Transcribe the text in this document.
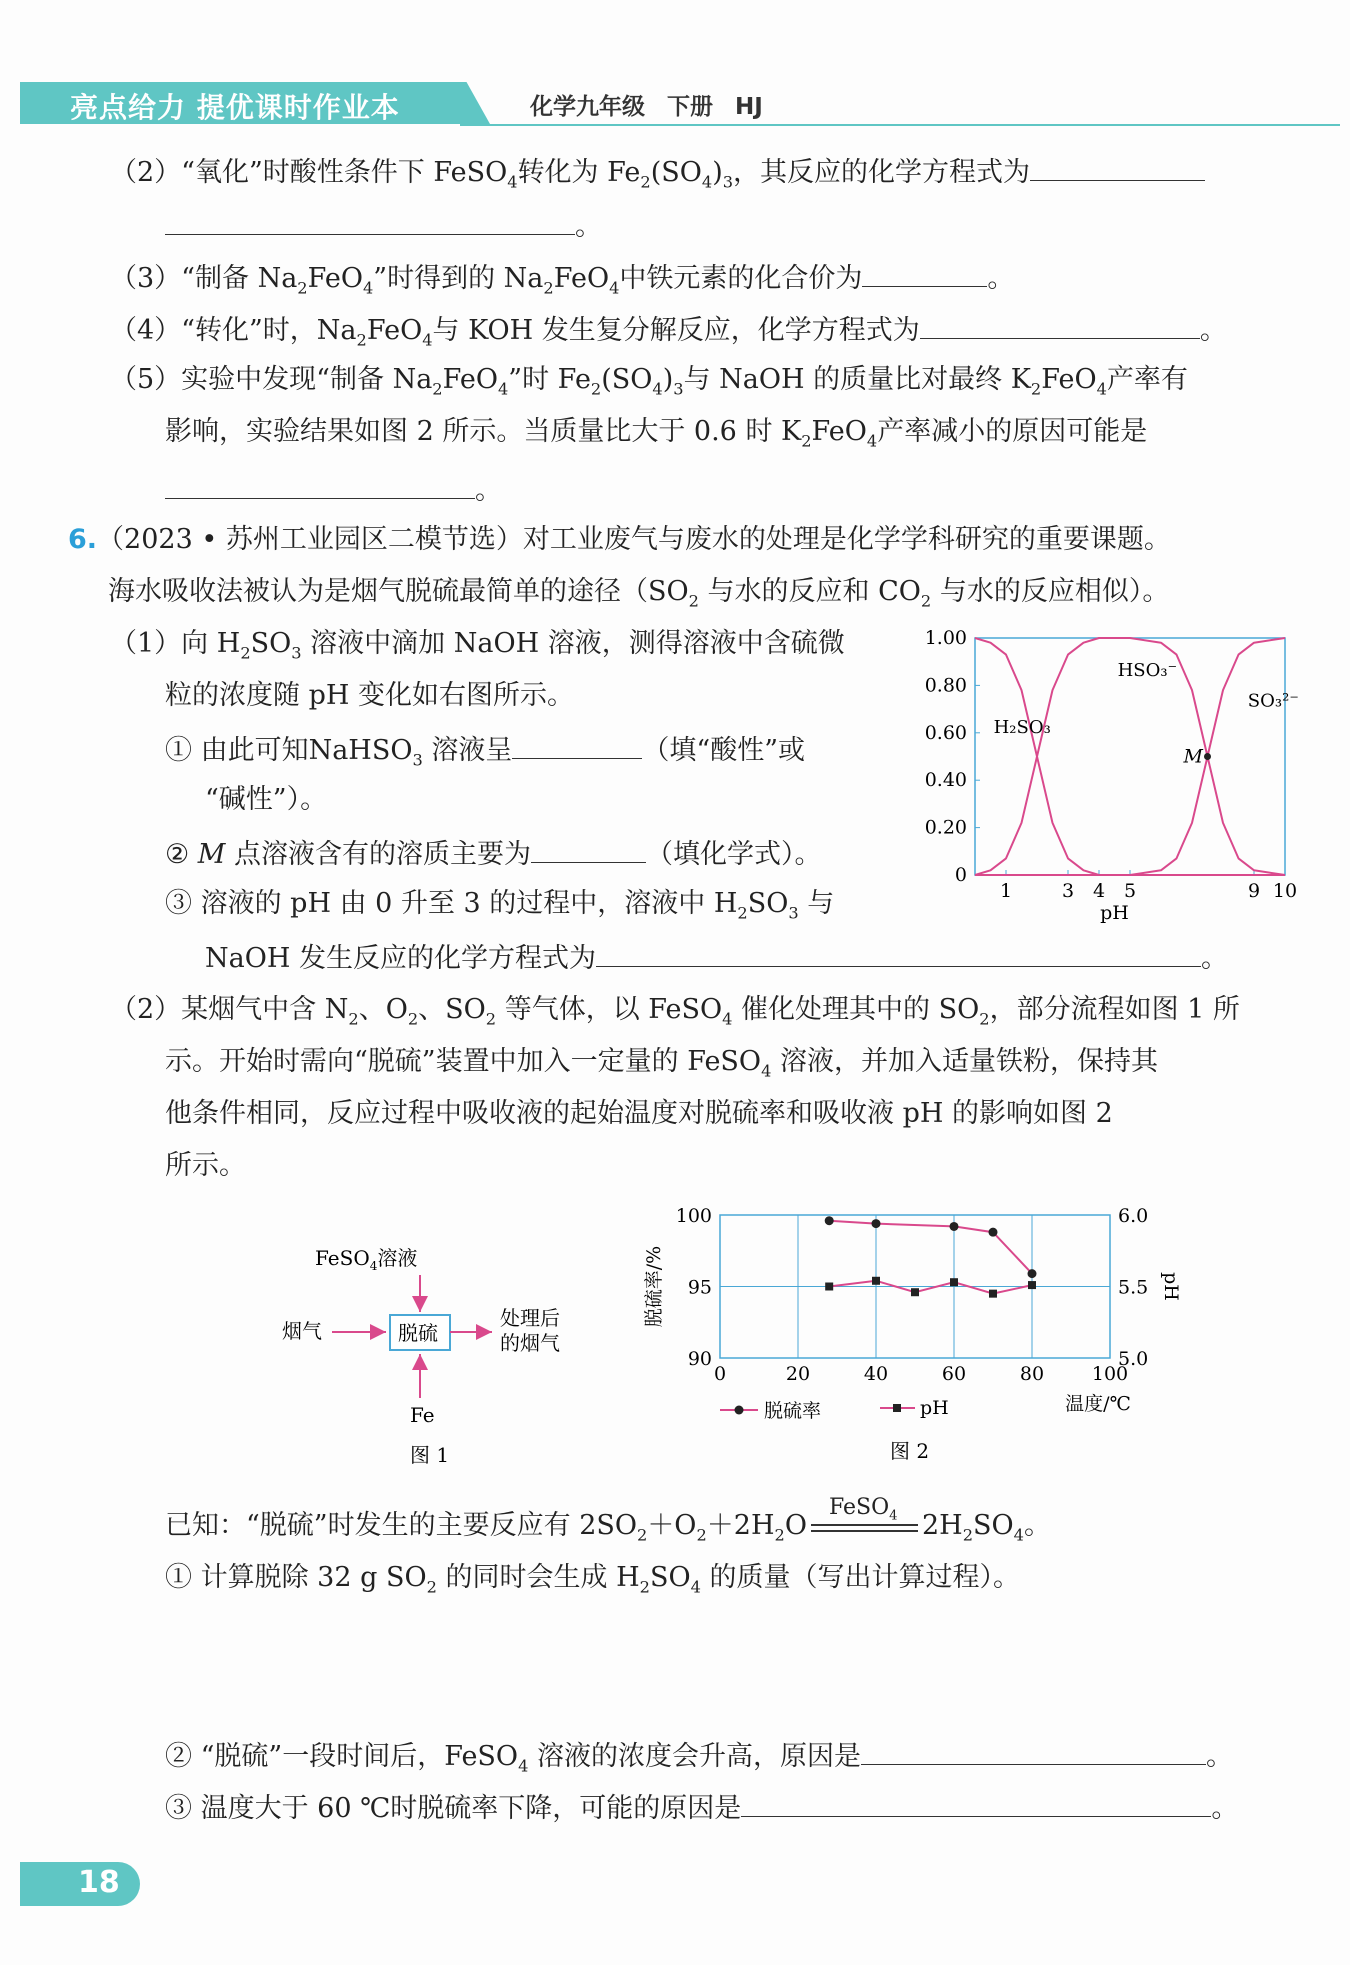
亮点给力 提优课时作业本	化学九年级 下册 HJ
（2）“氧化”时酸性条件下 FeSO$_4$转化为 $Fe_2(SO_4)_3$，其反应的化学方程式为
。
（3）“制备 $Na_2FeO_4$”时得到的 $Na_2FeO_4$中铁元素的化合价为	。
（4）“转化”时，$Na_2FeO_4$与 KOH 发生复分解反应，化学方程式为	。
（5）实验中发现“制备 $Na_2FeO_4$”时 $Fe_2(SO_4)_3$与 NaOH 的质量比对最终 $K_2FeO_4$产率有
影响，实验结果如图 2 所示。当质量比大于 0.6 时 $K_2FeO_4$产率减小的原因可能是
。
6.（2023 • 苏州工业园区二模节选）对工业废气与废水的处理是化学学科研究的重要课题。
海水吸收法被认为是烟气脱硫最简单的途径（$SO_2$ 与水的反应和 $CO_2$ 与水的反应相似）。
（1）向 $H_2SO_3$ 溶液中滴加 NaOH 溶液，测得溶液中含硫微
粒的浓度随 pH 变化如右图所示。
① 由此可知NaHSO$_3$ 溶液呈	（填“酸性”或
“碱性”）。
② M 点溶液含有的溶质主要为	（填化学式）。
③ 溶液的 pH 由 0 升至 3 的过程中，溶液中 $H_2SO_3$ 与
NaOH 发生反应的化学方程式为	。
1.00
0.80
0.60
0.40
0.20
0
1	3 4 5	9 10
pH
H₂SO₃
HSO₃⁻
SO₃²⁻
M
（2）某烟气中含 $N_2$、$O_2$、$SO_2$ 等气体，以 FeSO$_4$ 催化处理其中的 $SO_2$，部分流程如图 1 所
示。开始时需向“脱硫”装置中加入一定量的 FeSO$_4$ 溶液，并加入适量铁粉，保持其
他条件相同，反应过程中吸收液的起始温度对脱硫率和吸收液 pH 的影响如图 2
所示。
FeSO$_4$溶液
烟气	脱硫
处理后
的烟气
Fe
图 1
100
95
90
6.0
5.5
5.0
0	20	40	60	80	100
脱硫率/%	pH
温度/℃
脱硫率	pH
图 2
已知：“脱硫”时发生的主要反应有 $2SO_2+O_2+2H_2O$
FeSO$_4$ $2H_2SO_4$。
① 计算脱除 32 g $SO_2$ 的同时会生成 $H_2SO_4$ 的质量（写出计算过程）。
② “脱硫”一段时间后，FeSO$_4$ 溶液的浓度会升高，原因是	。
③ 温度大于 60 ℃时脱硫率下降，可能的原因是	。
18
